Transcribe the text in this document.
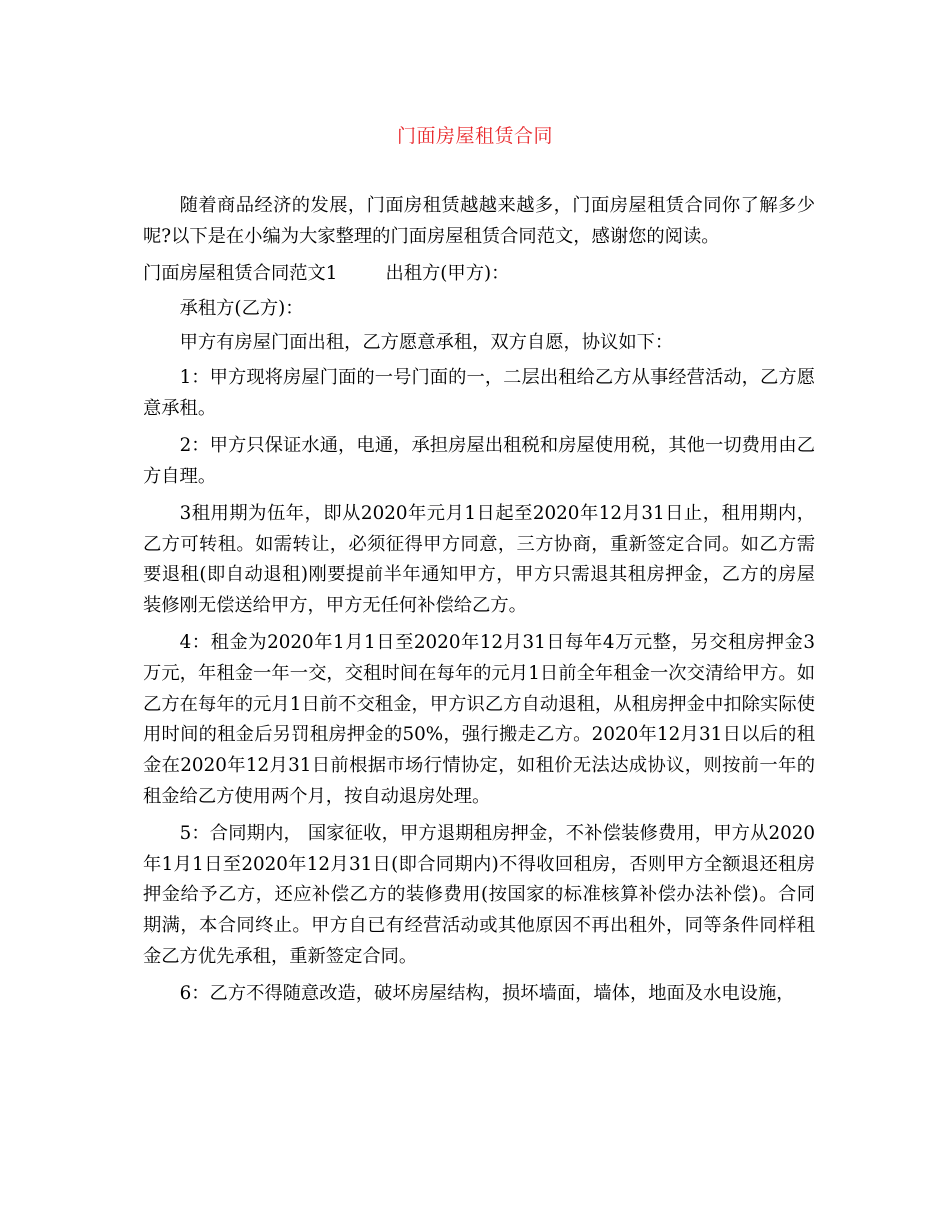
门面房屋租赁合同

随着商品经济的发展，门面房租赁越越来越多，门面房屋租赁合同你了解多少呢?以下是在小编为大家整理的门面房屋租赁合同范文，感谢您的阅读。

门面房屋租赁合同范文1	出租方(甲方)：

承租方(乙方)：

甲方有房屋门面出租，乙方愿意承租，双方自愿，协议如下：

1：甲方现将房屋门面的一号门面的一，二层出租给乙方从事经营活动，乙方愿意承租。

2：甲方只保证水通，电通，承担房屋出租税和房屋使用税，其他一切费用由乙方自理。

3租用期为伍年，即从2020年元月1日起至2020年12月31日止，租用期内，乙方可转租。如需转让，必须征得甲方同意，三方协商，重新签定合同。如乙方需要退租(即自动退租)刚要提前半年通知甲方，甲方只需退其租房押金，乙方的房屋装修刚无偿送给甲方，甲方无任何补偿给乙方。

4：租金为2020年1月1日至2020年12月31日每年4万元整，另交租房押金3万元，年租金一年一交，交租时间在每年的元月1日前全年租金一次交清给甲方。如乙方在每年的元月1日前不交租金，甲方识乙方自动退租，从租房押金中扣除实际使用时间的租金后另罚租房押金的50%，强行搬走乙方。2020年12月31日以后的租金在2020年12月31日前根据市场行情协定，如租价无法达成协议，则按前一年的租金给乙方使用两个月，按自动退房处理。

5：合同期内， 国家征收，甲方退期租房押金，不补偿装修费用，甲方从2020年1月1日至2020年12月31日(即合同期内)不得收回租房，否则甲方全额退还租房押金给予乙方，还应补偿乙方的装修费用(按国家的标准核算补偿办法补偿)。合同期满，本合同终止。甲方自已有经营活动或其他原因不再出租外，同等条件同样租金乙方优先承租，重新签定合同。

6：乙方不得随意改造，破坏房屋结构，损坏墙面，墙体，地面及水电设施，
